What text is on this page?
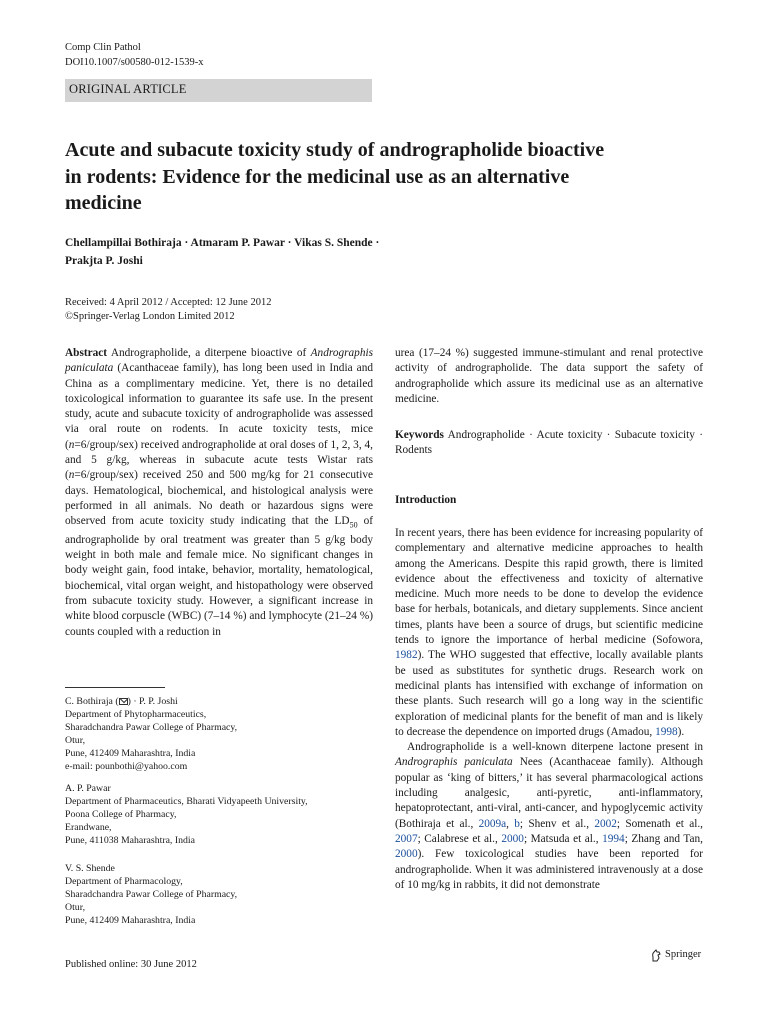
Comp Clin Pathol
DOI10.1007/s00580-012-1539-x
ORIGINAL ARTICLE
Acute and subacute toxicity study of andrographolide bioactive in rodents: Evidence for the medicinal use as an alternative medicine
Chellampillai Bothiraja · Atmaram P. Pawar · Vikas S. Shende · Prakjta P. Joshi
Received: 4 April 2012 / Accepted: 12 June 2012
©Springer-Verlag London Limited 2012

Abstract Andrographolide, a diterpene bioactive of Andrographis paniculata (Acanthaceae family), has long been used in India and China as a complimentary medicine. Yet, there is no detailed toxicological information to guarantee its safe use. In the present study, acute and subacute toxicity of andrographolide was assessed via oral route on rodents. In acute toxicity tests, mice (n=6/group/sex) received andrographolide at oral doses of 1, 2, 3, 4, and 5 g/kg, whereas in subacute acute tests Wistar rats (n=6/group/sex) received 250 and 500 mg/kg for 21 consecutive days. Hematological, biochemical, and histological analysis were performed in all animals. No death or hazardous signs were observed from acute toxicity study indicating that the $LD_{50}$ of andrographolide by oral treatment was greater than 5 g/kg body weight in both male and female mice. No significant changes in body weight gain, food intake, behavior, mortality, hematological, biochemical, vital organ weight, and histopathology were observed from subacute toxicity study. However, a significant increase in white blood corpuscle (WBC) (7–14 %) and lymphocyte (21–24 %) counts coupled with a reduction in

C. Bothiraja ( ) · P. P. Joshi
Department of Phytopharmaceutics,
Sharadchandra Pawar College of Pharmacy,
Otur,
Pune, 412409 Maharashtra, India
e-mail: pounbothi@yahoo.com
A. P. Pawar
Department of Pharmaceutics, Bharati Vidyapeeth University,
Poona College of Pharmacy,
Erandwane,
Pune, 411038 Maharashtra, India
V. S. Shende
Department of Pharmacology,
Sharadchandra Pawar College of Pharmacy,
Otur,
Pune, 412409 Maharashtra, India
urea (17–24 %) suggested immune-stimulant and renal protective activity of andrographolide. The data support the safety of andrographolide which assure its medicinal use as an alternative medicine.
Keywords Andrographolide · Acute toxicity · Subacute toxicity · Rodents
Introduction

In recent years, there has been evidence for increasing popularity of complementary and alternative medicine approaches to health among the Americans. Despite this rapid growth, there is limited evidence about the effectiveness and toxicity of alternative medicine. Much more needs to be done to develop the evidence base for herbals, botanicals, and dietary supplements. Since ancient times, plants have been a source of drugs, but scientific medicine tends to ignore the importance of herbal medicine (Sofowora, 1982). The WHO suggested that effective, locally available plants be used as substitutes for synthetic drugs. Research work on medicinal plants has intensified with exchange of information on these plants. Such research will go a long way in the scientific exploration of medicinal plants for the benefit of man and is likely to decrease the dependence on imported drugs (Amadou, 1998).

Andrographolide is a well-known diterpene lactone present in Andrographis paniculata Nees (Acanthaceae family). Although popular as ‘king of bitters,’ it has several pharmacological actions including analgesic, anti-pyretic, anti-inflammatory, hepatoprotectant, anti-viral, anti-cancer, and hypoglycemic activity (Bothiraja et al., 2009a, b; Shenv et al., 2002; Somenath et al., 2007; Calabrese et al., 2000; Matsuda et al., 1994; Zhang and Tan, 2000). Few toxicological studies have been reported for andrographolide. When it was administered intravenously at a dose of 10 mg/kg in rabbits, it did not demonstrate

Published online: 30 June 2012
Springer
